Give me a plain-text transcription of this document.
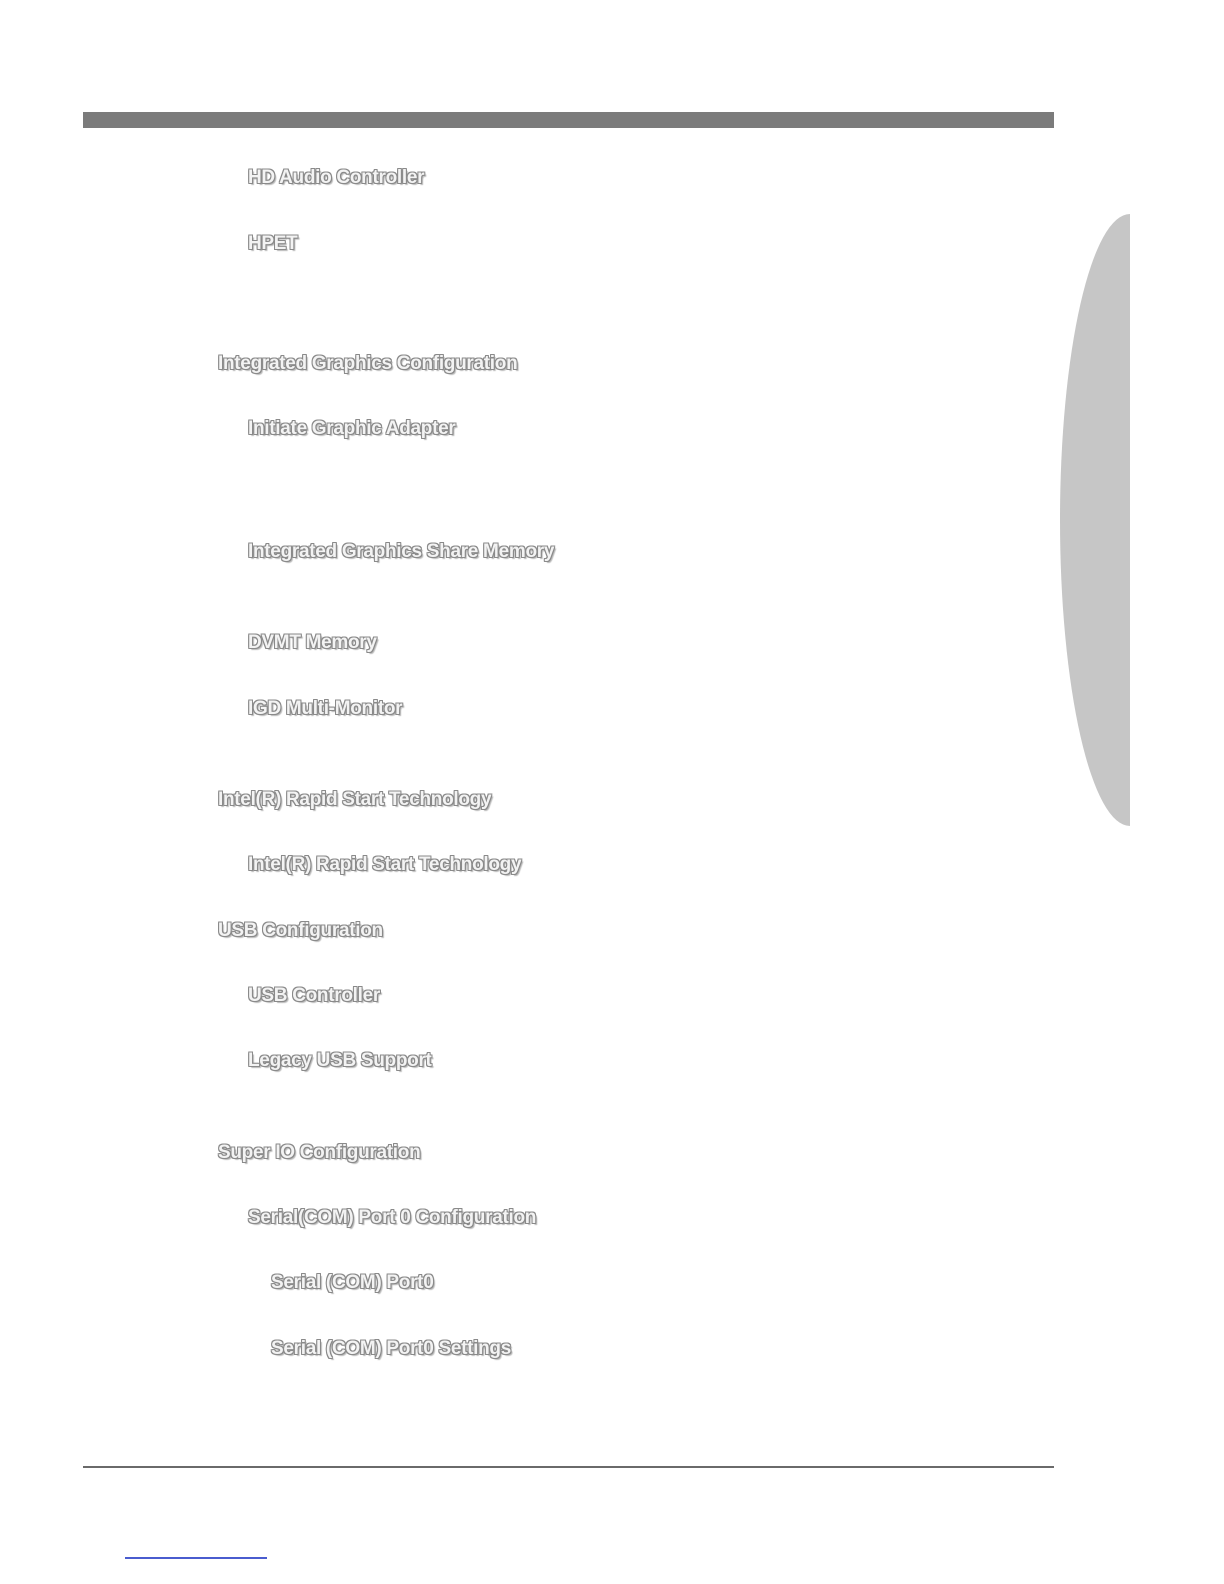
HD Audio Controller
HPET
Integrated Graphics Configuration
Initiate Graphic Adapter
Integrated Graphics Share Memory
DVMT Memory
IGD Multi-Monitor
Intel(R) Rapid Start Technology
Intel(R) Rapid Start Technology
USB Configuration
USB Controller
Legacy USB Support
Super IO Configuration
Serial(COM) Port 0 Configuration
Serial (COM) Port0
Serial (COM) Port0 Settings
